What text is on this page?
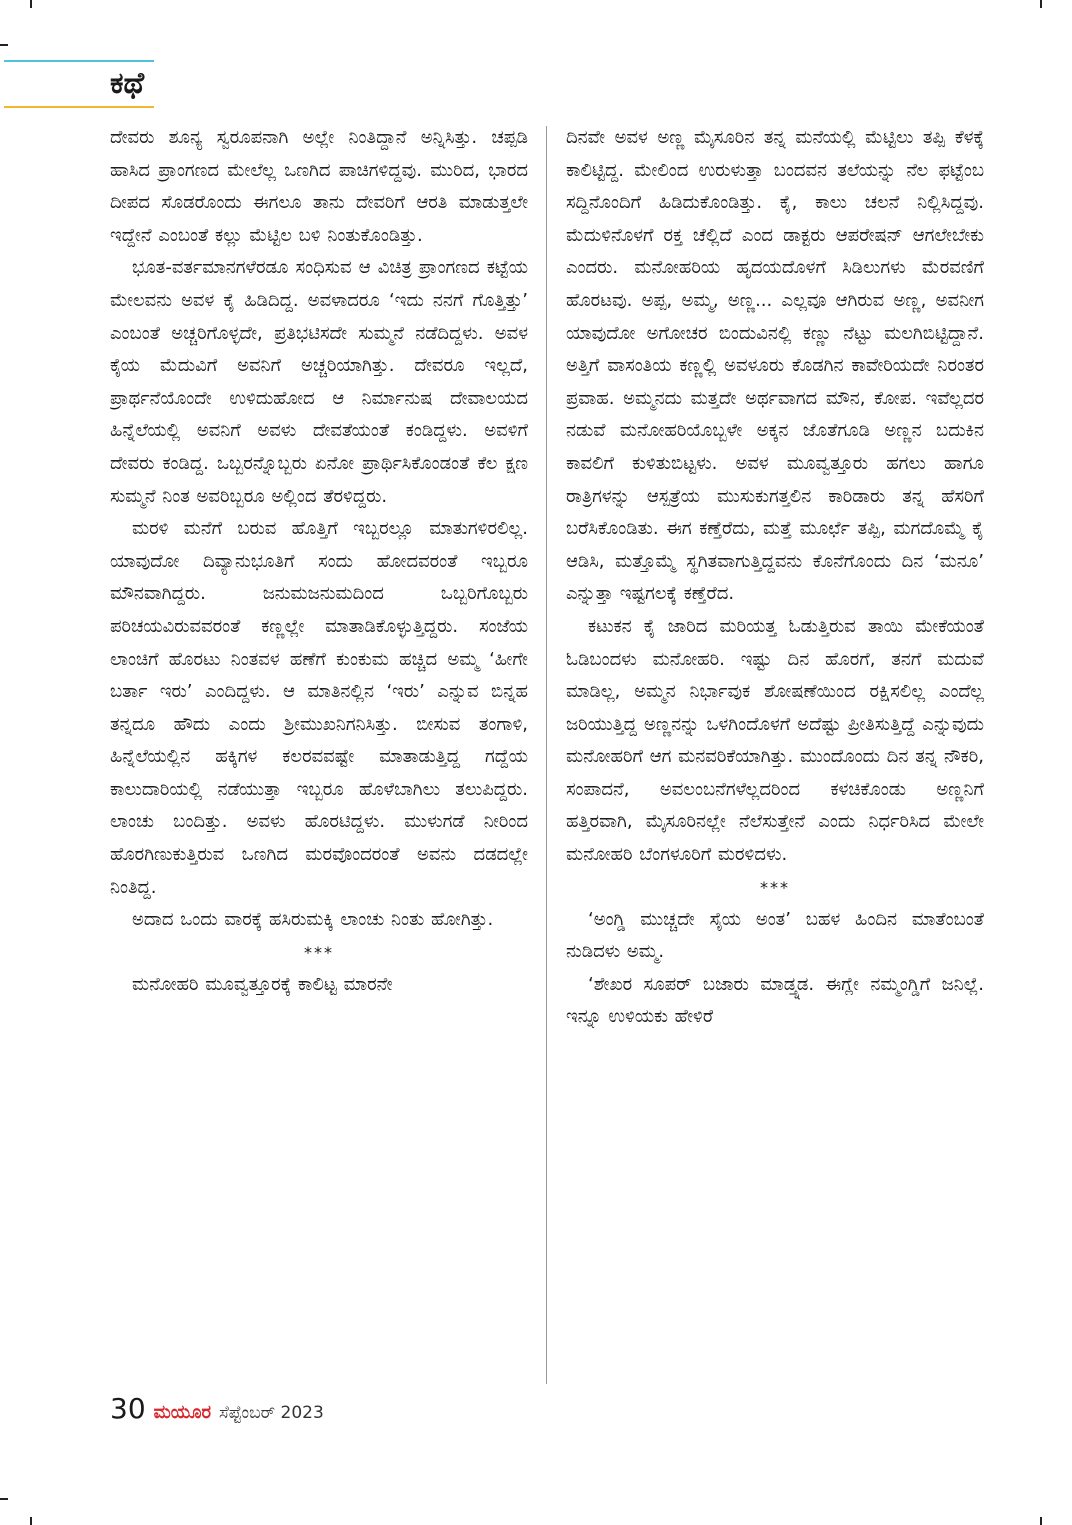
ಕಥೆ

ದೇವರು ಶೂನ್ಯ ಸ್ವರೂಪನಾಗಿ ಅಲ್ಲೇ ನಿಂತಿದ್ದಾನೆ ಅನ್ನಿಸಿತ್ತು. ಚಪ್ಪಡಿ ಹಾಸಿದ ಪ್ರಾಂಗಣದ ಮೇಲೆಲ್ಲ ಒಣಗಿದ ಪಾಚಿಗಳಿದ್ದವು. ಮುರಿದ, ಭಾರದ ದೀಪದ ಸೊಡರೊಂದು ಈಗಲೂ ತಾನು ದೇವರಿಗೆ ಆರತಿ ಮಾಡುತ್ತಲೇ ಇದ್ದೇನೆ ಎಂಬಂತೆ ಕಲ್ಲು ಮೆಟ್ಟಿಲ ಬಳಿ ನಿಂತುಕೊಂಡಿತ್ತು.

ಭೂತ-ವರ್ತಮಾನಗಳೆರಡೂ ಸಂಧಿಸುವ ಆ ವಿಚಿತ್ರ ಪ್ರಾಂಗಣದ ಕಟ್ಟೆಯ ಮೇಲವನು ಅವಳ ಕೈ ಹಿಡಿದಿದ್ದ. ಅವಳಾದರೂ ‘ಇದು ನನಗೆ ಗೊತ್ತಿತ್ತು’ ಎಂಬಂತೆ ಅಚ್ಚರಿಗೊಳ್ಳದೇ, ಪ್ರತಿಭಟಿಸದೇ ಸುಮ್ಮನೆ ನಡೆದಿದ್ದಳು. ಅವಳ ಕೈಯ ಮೆದುವಿಗೆ ಅವನಿಗೆ ಅಚ್ಚರಿಯಾಗಿತ್ತು. ದೇವರೂ ಇಲ್ಲದೆ, ಪ್ರಾರ್ಥನೆಯೊಂದೇ ಉಳಿದುಹೋದ ಆ ನಿರ್ಮಾನುಷ ದೇವಾಲಯದ ಹಿನ್ನೆಲೆಯಲ್ಲಿ ಅವನಿಗೆ ಅವಳು ದೇವತೆಯಂತೆ ಕಂಡಿದ್ದಳು. ಅವಳಿಗೆ ದೇವರು ಕಂಡಿದ್ದ. ಒಬ್ಬರನ್ನೊಬ್ಬರು ಏನೋ ಪ್ರಾರ್ಥಿಸಿಕೊಂಡಂತೆ ಕೆಲ ಕ್ಷಣ ಸುಮ್ಮನೆ ನಿಂತ ಅವರಿಬ್ಬರೂ ಅಲ್ಲಿಂದ ತೆರಳಿದ್ದರು.

ಮರಳಿ ಮನೆಗೆ ಬರುವ ಹೊತ್ತಿಗೆ ಇಬ್ಬರಲ್ಲೂ ಮಾತುಗಳಿರಲಿಲ್ಲ. ಯಾವುದೋ ದಿವ್ಯಾನುಭೂತಿಗೆ ಸಂದು ಹೋದವರಂತೆ ಇಬ್ಬರೂ ಮೌನವಾಗಿದ್ದರು. ಜನುಮಜನುಮದಿಂದ ಒಬ್ಬರಿಗೊಬ್ಬರು ಪರಿಚಯವಿರುವವರಂತೆ ಕಣ್ಣಲ್ಲೇ ಮಾತಾಡಿಕೊಳ್ಳುತ್ತಿದ್ದರು. ಸಂಜೆಯ ಲಾಂಚಿಗೆ ಹೊರಟು ನಿಂತವಳ ಹಣೆಗೆ ಕುಂಕುಮ ಹಚ್ಚಿದ ಅಮ್ಮ ‘ಹೀಗೇ ಬರ್ತಾ ಇರು’ ಎಂದಿದ್ದಳು. ಆ ಮಾತಿನಲ್ಲಿನ ‘ಇರು’ ಎನ್ನುವ ಬಿನ್ನಹ ತನ್ನದೂ ಹೌದು ಎಂದು ಶ್ರೀಮುಖನಿಗನಿಸಿತ್ತು. ಬೀಸುವ ತಂಗಾಳಿ, ಹಿನ್ನೆಲೆಯಲ್ಲಿನ ಹಕ್ಕಿಗಳ ಕಲರವವಷ್ಟೇ ಮಾತಾಡುತ್ತಿದ್ದ ಗದ್ದೆಯ ಕಾಲುದಾರಿಯಲ್ಲಿ ನಡೆಯುತ್ತಾ ಇಬ್ಬರೂ ಹೊಳೆಬಾಗಿಲು ತಲುಪಿದ್ದರು. ಲಾಂಚು ಬಂದಿತ್ತು. ಅವಳು ಹೊರಟಿದ್ದಳು. ಮುಳುಗಡೆ ನೀರಿಂದ ಹೊರಗಿಣುಕುತ್ತಿರುವ ಒಣಗಿದ ಮರವೊಂದರಂತೆ ಅವನು ದಡದಲ್ಲೇ ನಿಂತಿದ್ದ.

ಅದಾದ ಒಂದು ವಾರಕ್ಕೆ ಹಸಿರುಮಕ್ಕಿ ಲಾಂಚು ನಿಂತು ಹೋಗಿತ್ತು.

***

ಮನೋಹರಿ ಮೂವ್ವತ್ತೂರಕ್ಕೆ ಕಾಲಿಟ್ಟ ಮಾರನೇ

ದಿನವೇ ಅವಳ ಅಣ್ಣ ಮೈಸೂರಿನ ತನ್ನ ಮನೆಯಲ್ಲಿ ಮೆಟ್ಟಿಲು ತಪ್ಪಿ ಕೆಳಕ್ಕೆ ಕಾಲಿಟ್ಟಿದ್ದ. ಮೇಲಿಂದ ಉರುಳುತ್ತಾ ಬಂದವನ ತಲೆಯನ್ನು ನೆಲ ಫಟ್ಟೆಂಬ ಸದ್ದಿನೊಂದಿಗೆ ಹಿಡಿದುಕೊಂಡಿತ್ತು. ಕೈ, ಕಾಲು ಚಲನೆ ನಿಲ್ಲಿಸಿದ್ದವು. ಮೆದುಳಿನೊಳಗೆ ರಕ್ತ ಚೆಲ್ಲಿದೆ ಎಂದ ಡಾಕ್ಟರು ಆಪರೇಷನ್ ಆಗಲೇಬೇಕು ಎಂದರು. ಮನೋಹರಿಯ ಹೃದಯದೊಳಗೆ ಸಿಡಿಲುಗಳು ಮೆರವಣಿಗೆ ಹೊರಟವು. ಅಪ್ಪ, ಅಮ್ಮ, ಅಣ್ಣ... ಎಲ್ಲವೂ ಆಗಿರುವ ಅಣ್ಣ, ಅವನೀಗ ಯಾವುದೋ ಅಗೋಚರ ಬಿಂದುವಿನಲ್ಲಿ ಕಣ್ಣು ನೆಟ್ಟು ಮಲಗಿಬಿಟ್ಟಿದ್ದಾನೆ. ಅತ್ತಿಗೆ ವಾಸಂತಿಯ ಕಣ್ಣಲ್ಲಿ ಅವಳೂರು ಕೊಡಗಿನ ಕಾವೇರಿಯದೇ ನಿರಂತರ ಪ್ರವಾಹ. ಅಮ್ಮನದು ಮತ್ತದೇ ಅರ್ಥವಾಗದ ಮೌನ, ಕೋಪ. ಇವೆಲ್ಲದರ ನಡುವೆ ಮನೋಹರಿಯೊಬ್ಬಳೇ ಅಕ್ಕನ ಜೊತೆಗೂಡಿ ಅಣ್ಣನ ಬದುಕಿನ ಕಾವಲಿಗೆ ಕುಳಿತುಬಿಟ್ಟಳು. ಅವಳ ಮೂವ್ವತ್ತೂರು ಹಗಲು ಹಾಗೂ ರಾತ್ರಿಗಳನ್ನು ಆಸ್ಪತ್ರೆಯ ಮುಸುಕುಗತ್ತಲಿನ ಕಾರಿಡಾರು ತನ್ನ ಹೆಸರಿಗೆ ಬರೆಸಿಕೊಂಡಿತು. ಈಗ ಕಣ್ತೆರೆದು, ಮತ್ತೆ ಮೂರ್ಛೆ ತಪ್ಪಿ, ಮಗದೊಮ್ಮೆ ಕೈ ಆಡಿಸಿ, ಮತ್ತೊಮ್ಮೆ ಸ್ಥಗಿತವಾಗುತ್ತಿದ್ದವನು ಕೊನೆಗೊಂದು ದಿನ ‘ಮನೂ’ ಎನ್ನುತ್ತಾ ಇಷ್ಟಗಲಕ್ಕೆ ಕಣ್ತೆರೆದ.

ಕಟುಕನ ಕೈ ಜಾರಿದ ಮರಿಯತ್ತ ಓಡುತ್ತಿರುವ ತಾಯಿ ಮೇಕೆಯಂತೆ ಓಡಿಬಂದಳು ಮನೋಹರಿ. ಇಷ್ಟು ದಿನ ಹೊರಗೆ, ತನಗೆ ಮದುವೆ ಮಾಡಿಲ್ಲ, ಅಮ್ಮನ ನಿರ್ಭಾವುಕ ಶೋಷಣೆಯಿಂದ ರಕ್ಷಿಸಲಿಲ್ಲ ಎಂದೆಲ್ಲ ಜರಿಯುತ್ತಿದ್ದ ಅಣ್ಣನನ್ನು ಒಳಗಿಂದೊಳಗೆ ಅದೆಷ್ಟು ಪ್ರೀತಿಸುತ್ತಿದ್ದೆ ಎನ್ನುವುದು ಮನೋಹರಿಗೆ ಆಗ ಮನವರಿಕೆಯಾಗಿತ್ತು. ಮುಂದೊಂದು ದಿನ ತನ್ನ ನೌಕರಿ, ಸಂಪಾದನೆ, ಅವಲಂಬನೆಗಳೆಲ್ಲದರಿಂದ ಕಳಚಿಕೊಂಡು ಅಣ್ಣನಿಗೆ ಹತ್ತಿರವಾಗಿ, ಮೈಸೂರಿನಲ್ಲೇ ನೆಲೆಸುತ್ತೇನೆ ಎಂದು ನಿರ್ಧರಿಸಿದ ಮೇಲೇ ಮನೋಹರಿ ಬೆಂಗಳೂರಿಗೆ ಮರಳಿದಳು.

***

‘ಅಂಗ್ಡಿ ಮುಚ್ಚದೇ ಸೈಯ ಅಂತ’ ಬಹಳ ಹಿಂದಿನ ಮಾತೆಂಬಂತೆ ನುಡಿದಳು ಅಮ್ಮ.

‘ಶೇಖರ ಸೂಪರ್ ಬಜಾರು ಮಾಡ್ತ್ನಡ. ಈಗ್ಲೇ ನಮ್ಮಂಗ್ಡಿಗೆ ಜನಿಲ್ಲೆ. ಇನ್ನೂ ಉಳಿಯಕು ಹೇಳಿರೆ

30 ಮಯೂರ ಸೆಪ್ಟೆಂಬರ್ 2023
